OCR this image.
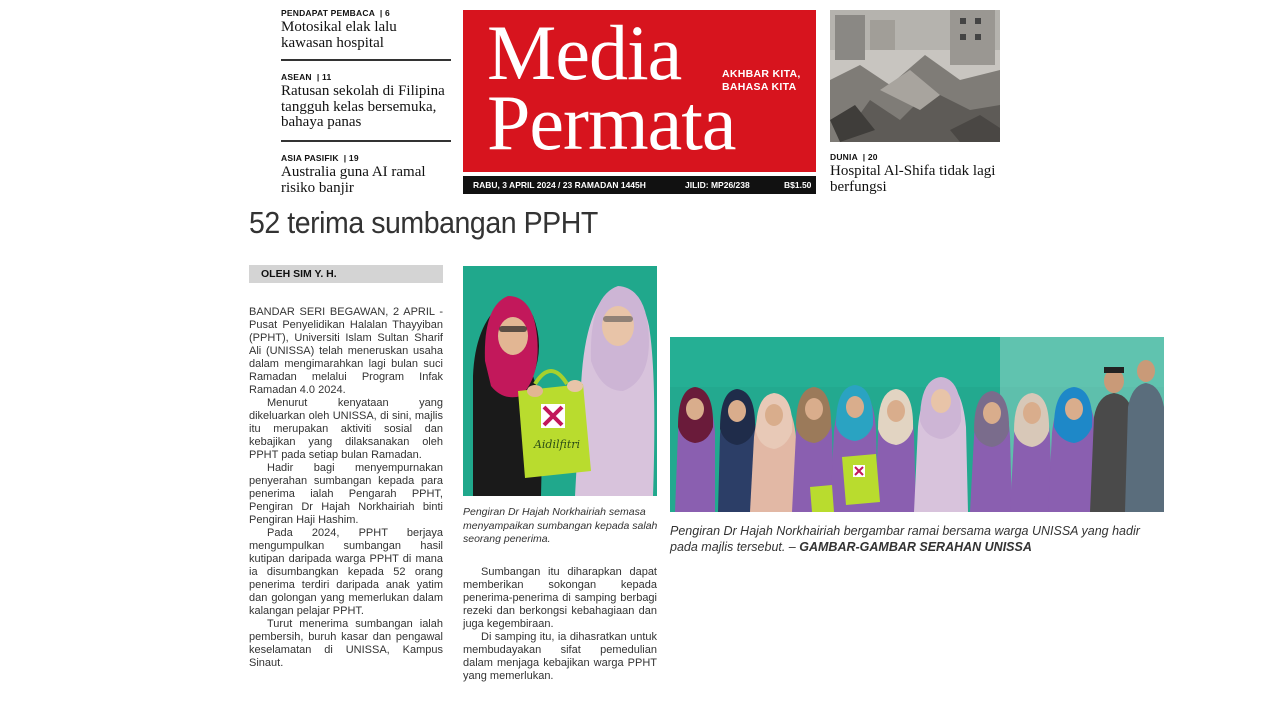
PENDAPAT PEMBACA  | 6
Motosikal elak lalu kawasan hospital
ASEAN  | 11
Ratusan sekolah di Filipina tangguh kelas bersemuka, bahaya panas
ASIA PASIFIK  | 19
Australia guna AI ramal risiko banjir
Media
Permata
AKHBAR KITA,
BAHASA KITA
RABU, 3 APRIL 2024 / 23 RAMADAN 1445H	JILID: MP26/238	B$1.50
DUNIA  | 20
Hospital Al-Shifa tidak lagi berfungsi
52 terima sumbangan PPHT
OLEH SIM Y. H.

BANDAR SERI BEGAWAN, 2 APRIL - Pusat Penyelidikan Halalan Thayyiban (PPHT), Universiti Islam Sultan Sharif Ali (UNISSA) telah meneruskan usaha dalam mengimarahkan lagi bulan suci Ramadan melalui Program Infak Ramadan 4.0 2024.

Menurut kenyataan yang dikeluarkan oleh UNISSA, di sini, majlis itu merupakan aktiviti sosial dan kebajikan yang dilaksanakan oleh PPHT pada setiap bulan Ramadan.

Hadir bagi menyempurnakan penyerahan sumbangan kepada para penerima ialah Pengarah PPHT, Pengiran Dr Hajah Norkhairiah binti Pengiran Haji Hashim.

Pada 2024, PPHT berjaya mengumpulkan sumbangan hasil kutipan daripada warga PPHT di mana ia disumbangkan kepada 52 orang penerima terdiri daripada anak yatim dan golongan yang memerlukan dalam kalangan pelajar PPHT.

Turut menerima sumbangan ialah pembersih, buruh kasar dan pengawal keselamatan di UNISSA, Kampus Sinaut.

Aidilfitri
Pengiran Dr Hajah Norkhairiah semasa menyampaikan sumbangan kepada salah seorang penerima.

Sumbangan itu diharapkan dapat memberikan sokongan kepada penerima-penerima di samping berbagi rezeki dan berkongsi kebahagiaan dan juga kegembiraan.

Di samping itu, ia dihasratkan untuk membudayakan sifat pemedulian dalam menjaga kebajikan warga PPHT yang memerlukan.

Pengiran Dr Hajah Norkhairiah bergambar ramai bersama warga UNISSA yang hadir pada majlis tersebut. – GAMBAR-GAMBAR SERAHAN UNISSA
